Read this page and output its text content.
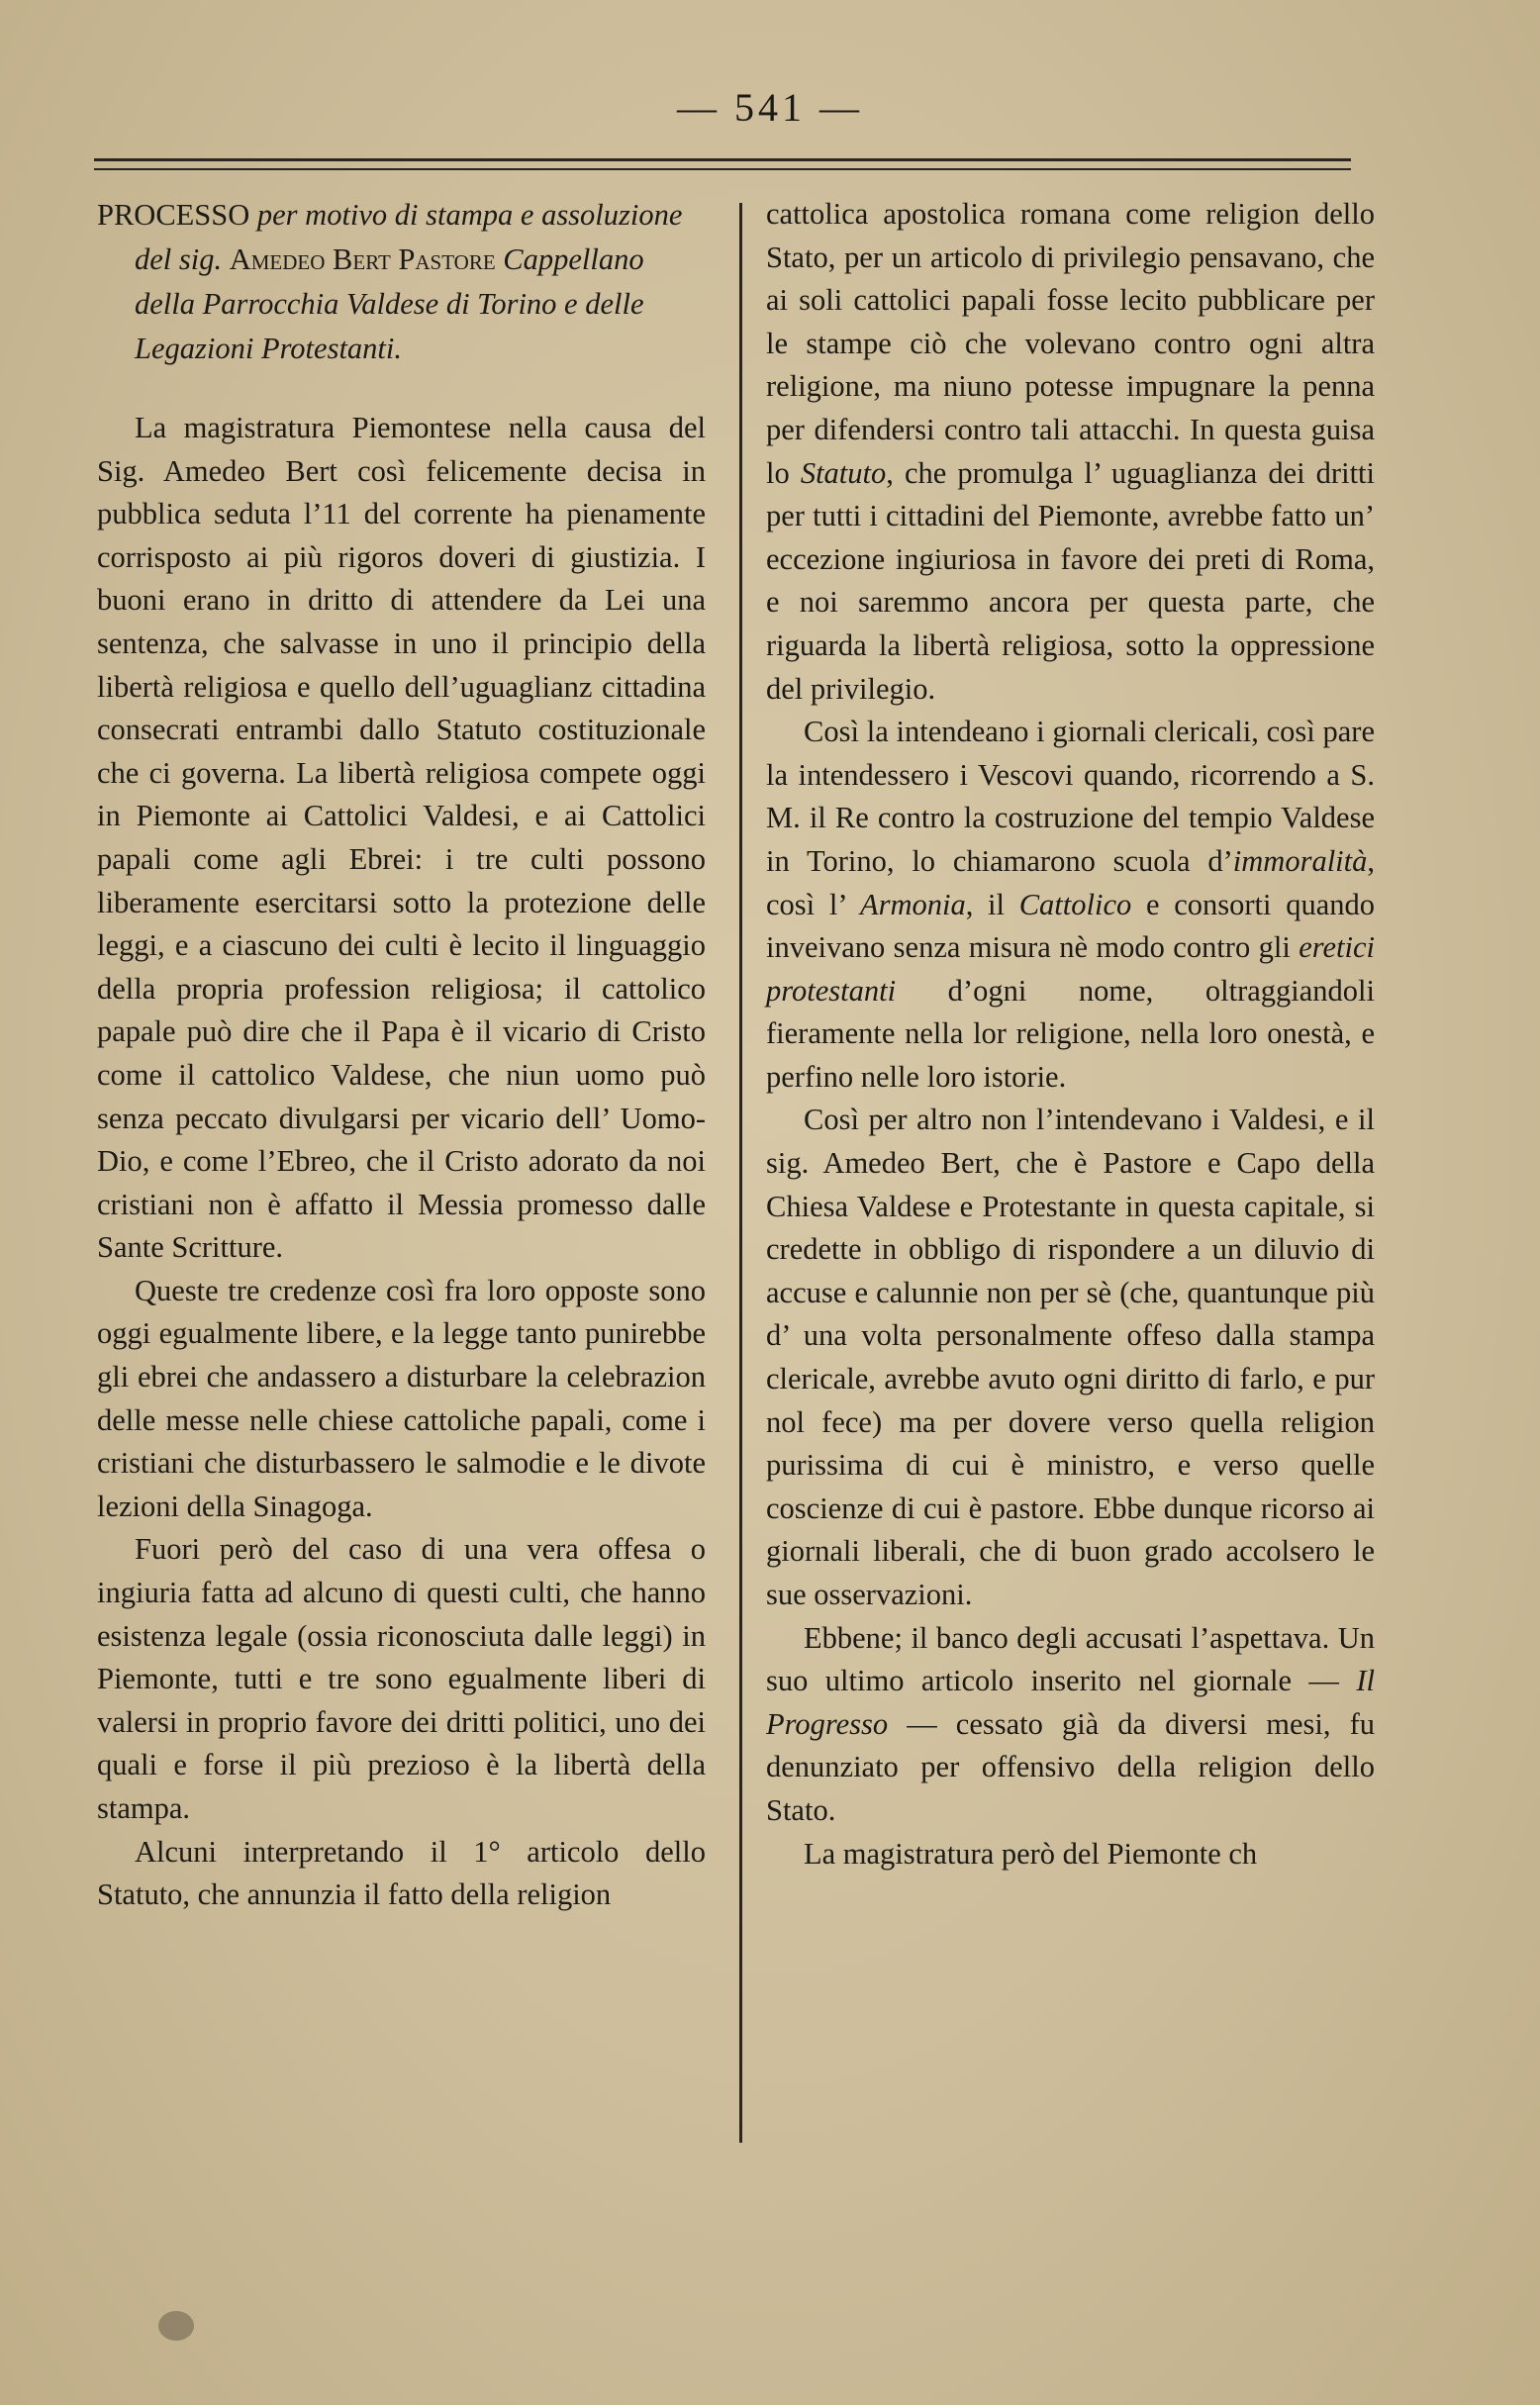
— 541 —
PROCESSO per motivo di stampa e assoluzione del sig. Amedeo Bert Pastore Cappellano della Parrocchia Valdese di Torino e delle Legazioni Protestanti.

La magistratura Piemontese nella causa del Sig. Amedeo Bert così felicemente decisa in pubblica seduta l’11 del corrente ha pienamente corrisposto ai più rigoros doveri di giustizia. I buoni erano in dritto di attendere da Lei una sentenza, che salvasse in uno il principio della libertà religiosa e quello dell’uguaglianz cittadina consecrati entrambi dallo Statuto costituzionale che ci governa. La libertà religiosa compete oggi in Piemonte ai Cattolici Valdesi, e ai Cattolici papali come agli Ebrei: i tre culti possono liberamente esercitarsi sotto la protezione delle leggi, e a ciascuno dei culti è lecito il linguaggio della propria profession religiosa; il cattolico papale può dire che il Papa è il vicario di Cristo come il cattolico Valdese, che niun uomo può senza peccato divulgarsi per vicario dell’ Uomo-Dio, e come l’Ebreo, che il Cristo adorato da noi cristiani non è affatto il Messia promesso dalle Sante Scritture.

Queste tre credenze così fra loro opposte sono oggi egualmente libere, e la legge tanto punirebbe gli ebrei che andassero a disturbare la celebrazion delle messe nelle chiese cattoliche papali, come i cristiani che disturbassero le salmodie e le divote lezioni della Sinagoga.

Fuori però del caso di una vera offesa o ingiuria fatta ad alcuno di questi culti, che hanno esistenza legale (ossia riconosciuta dalle leggi) in Piemonte, tutti e tre sono egualmente liberi di valersi in proprio favore dei dritti politici, uno dei quali e forse il più prezioso è la libertà della stampa.

Alcuni interpretando il 1° articolo dello Statuto, che annunzia il fatto della religion

cattolica apostolica romana come religion dello Stato, per un articolo di privilegio pensavano, che ai soli cattolici papali fosse lecito pubblicare per le stampe ciò che volevano contro ogni altra religione, ma niuno potesse impugnare la penna per difendersi contro tali attacchi. In questa guisa lo Statuto, che promulga l’ uguaglianza dei dritti per tutti i cittadini del Piemonte, avrebbe fatto un’ eccezione ingiuriosa in favore dei preti di Roma, e noi saremmo ancora per questa parte, che riguarda la libertà religiosa, sotto la oppressione del privilegio.

Così la intendeano i giornali clericali, così pare la intendessero i Vescovi quando, ricorrendo a S. M. il Re contro la costruzione del tempio Valdese in Torino, lo chiamarono scuola d’immoralità, così l’ Armonia, il Cattolico e consorti quando inveivano senza misura nè modo contro gli eretici protestanti d’ogni nome, oltraggiandoli fieramente nella lor religione, nella loro onestà, e perfino nelle loro istorie.

Così per altro non l’intendevano i Valdesi, e il sig. Amedeo Bert, che è Pastore e Capo della Chiesa Valdese e Protestante in questa capitale, si credette in obbligo di rispondere a un diluvio di accuse e calunnie non per sè (che, quantunque più d’ una volta personalmente offeso dalla stampa clericale, avrebbe avuto ogni diritto di farlo, e pur nol fece) ma per dovere verso quella religion purissima di cui è ministro, e verso quelle coscienze di cui è pastore. Ebbe dunque ricorso ai giornali liberali, che di buon grado accolsero le sue osservazioni.

Ebbene; il banco degli accusati l’aspettava. Un suo ultimo articolo inserito nel giornale — Il Progresso — cessato già da diversi mesi, fu denunziato per offensivo della religion dello Stato.

La magistratura però del Piemonte ch
